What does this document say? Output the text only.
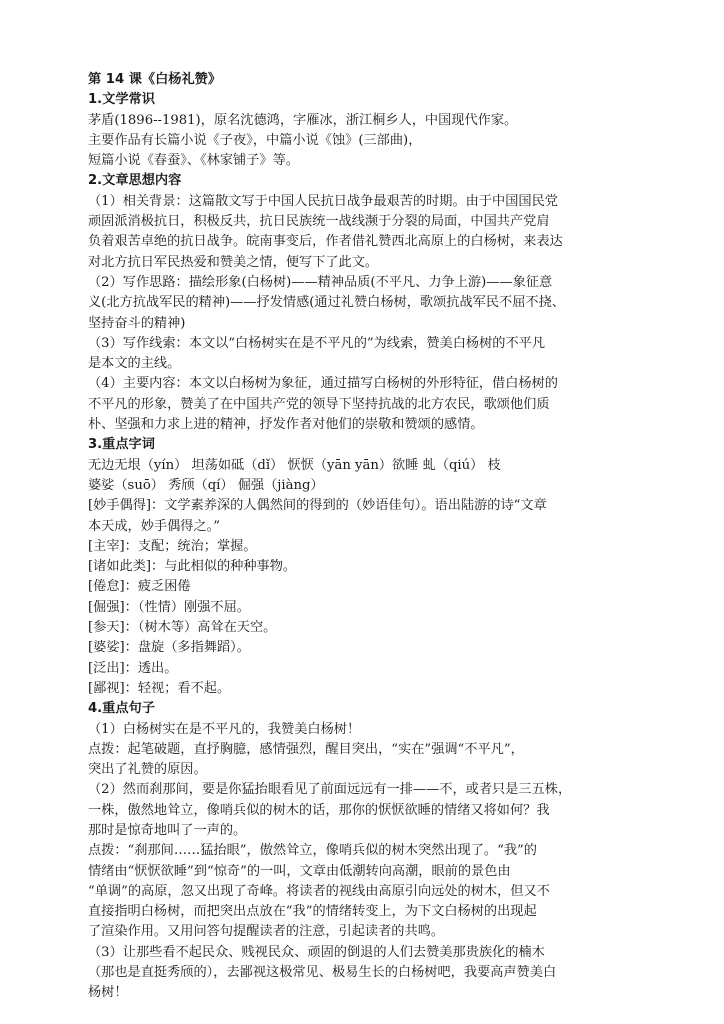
第 14 课《白杨礼赞》
1.文学常识
茅盾(1896--1981)，原名沈德鸿，字雁冰，浙江桐乡人，中国现代作家。
主要作品有长篇小说《子夜》，中篇小说《蚀》(三部曲)，
短篇小说《春蚕》、《林家铺子》等。
2.文章思想内容
（1）相关背景：这篇散文写于中国人民抗日战争最艰苦的时期。由于中国国民党
顽固派消极抗日，积极反共，抗日民族统一战线濒于分裂的局面，中国共产党肩
负着艰苦卓绝的抗日战争。皖南事变后，作者借礼赞西北高原上的白杨树，来表达
对北方抗日军民热爱和赞美之情，便写下了此文。
（2）写作思路：描绘形象(白杨树)——精神品质(不平凡、力争上游)——象征意
义(北方抗战军民的精神)——抒发情感(通过礼赞白杨树，歌颂抗战军民不屈不挠、
坚持奋斗的精神)
（3）写作线索：本文以“白杨树实在是不平凡的”为线索，赞美白杨树的不平凡
是本文的主线。
（4）主要内容：本文以白杨树为象征，通过描写白杨树的外形特征，借白杨树的
不平凡的形象，赞美了在中国共产党的领导下坚持抗战的北方农民，歌颂他们质
朴、坚强和力求上进的精神，抒发作者对他们的崇敬和赞颂的感情。
3.重点字词
无边无垠（yín） 坦荡如砥（dǐ） 恹恹（yān yān）欲睡 虬（qiú） 枝
婆娑（suō） 秀颀（qí） 倔强（jiàng）
[妙手偶得]：文学素养深的人偶然间的得到的（妙语佳句）。语出陆游的诗“文章
本天成，妙手偶得之。”
[主宰]：支配；统治；掌握。
[诸如此类]：与此相似的种种事物。
[倦怠]：疲乏困倦
[倔强]：（性情）刚强不屈。
[参天]：（树木等）高耸在天空。
[婆娑]：盘旋（多指舞蹈）。
[泛出]：透出。
[鄙视]：轻视；看不起。
4.重点句子
（1）白杨树实在是不平凡的，我赞美白杨树！
点拨：起笔破题，直抒胸臆，感情强烈，醒目突出，“实在”强调“不平凡”，
突出了礼赞的原因。
（2）然而刹那间，要是你猛抬眼看见了前面远远有一排——不，或者只是三五株，
一株，傲然地耸立，像哨兵似的树木的话，那你的恹恹欲睡的情绪又将如何？我
那时是惊奇地叫了一声的。
点拨：“刹那间……猛抬眼”，傲然耸立，像哨兵似的树木突然出现了。“我”的
情绪由“恹恹欲睡”到“惊奇”的一叫，文章由低潮转向高潮，眼前的景色由
“单调”的高原，忽又出现了奇峰。将读者的视线由高原引向远处的树木，但又不
直接指明白杨树，而把突出点放在“我”的情绪转变上，为下文白杨树的出现起
了渲染作用。又用问答句提醒读者的注意，引起读者的共鸣。
（3）让那些看不起民众、贱视民众、顽固的倒退的人们去赞美那贵族化的楠木
（那也是直挺秀颀的），去鄙视这极常见、极易生长的白杨树吧，我要高声赞美白
杨树！
